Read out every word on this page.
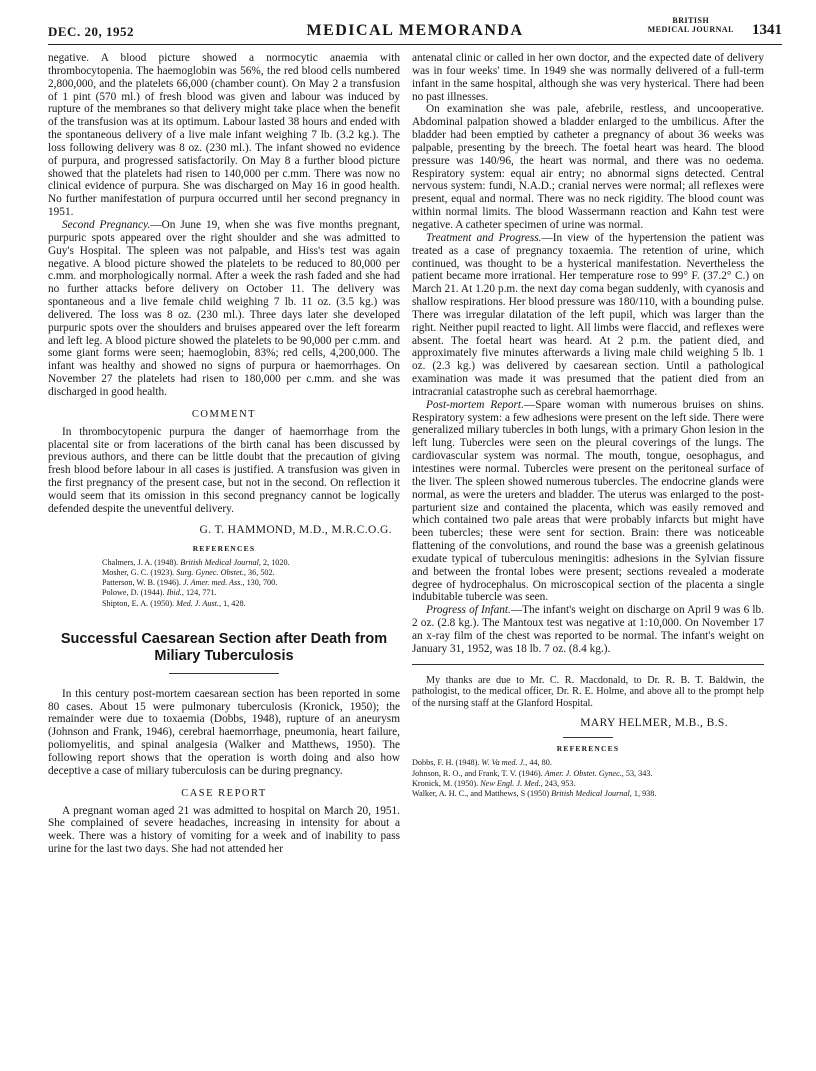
DEC. 20, 1952	MEDICAL MEMORANDA
BRITISH
MEDICAL JOURNAL 1341

negative. A blood picture showed a normocytic anaemia with thrombocytopenia. The haemoglobin was 56%, the red blood cells numbered 2,800,000, and the platelets 66,000 (chamber count). On May 2 a transfusion of 1 pint (570 ml.) of fresh blood was given and labour was induced by rupture of the membranes so that delivery might take place when the benefit of the transfusion was at its optimum. Labour lasted 38 hours and ended with the spontaneous delivery of a live male infant weighing 7 lb. (3.2 kg.). The loss following delivery was 8 oz. (230 ml.). The infant showed no evidence of purpura, and progressed satisfactorily. On May 8 a further blood picture showed that the platelets had risen to 140,000 per c.mm. There was now no clinical evidence of purpura. She was discharged on May 16 in good health. No further manifestation of purpura occurred until her second pregnancy in 1951.

Second Pregnancy.—On June 19, when she was five months pregnant, purpuric spots appeared over the right shoulder and she was admitted to Guy's Hospital. The spleen was not palpable, and Hiss's test was again negative. A blood picture showed the platelets to be reduced to 80,000 per c.mm. and morphologically normal. After a week the rash faded and she had no further attacks before delivery on October 11. The delivery was spontaneous and a live female child weighing 7 lb. 11 oz. (3.5 kg.) was delivered. The loss was 8 oz. (230 ml.). Three days later she developed purpuric spots over the shoulders and bruises appeared over the left forearm and left leg. A blood picture showed the platelets to be 90,000 per c.mm. and some giant forms were seen; haemoglobin, 83%; red cells, 4,200,000. The infant was healthy and showed no signs of purpura or haemorrhages. On November 27 the platelets had risen to 180,000 per c.mm. and she was discharged in good health.

COMMENT

In thrombocytopenic purpura the danger of haemorrhage from the placental site or from lacerations of the birth canal has been discussed by previous authors, and there can be little doubt that the precaution of giving fresh blood before labour in all cases is justified. A transfusion was given in the first pregnancy of the present case, but not in the second. On reflection it would seem that its omission in this second pregnancy cannot be logically defended despite the uneventful delivery.

G. T. HAMMOND, M.D., M.R.C.O.G.
REFERENCES
Chalmers, J. A. (1948). British Medical Journal, 2, 1020.
Mosher, G. C. (1923). Surg. Gynec. Obstet., 36, 502.
Patterson, W. B. (1946). J. Amer. med. Ass., 130, 700.
Polowe, D. (1944). Ibid., 124, 771.
Shipton, E. A. (1950). Med. J. Aust., 1, 428.
Successful Caesarean Section after Death from Miliary Tuberculosis

In this century post-mortem caesarean section has been reported in some 80 cases. About 15 were pulmonary tuberculosis (Kronick, 1950); the remainder were due to toxaemia (Dobbs, 1948), rupture of an aneurysm (Johnson and Frank, 1946), cerebral haemorrhage, pneumonia, heart failure, poliomyelitis, and spinal analgesia (Walker and Matthews, 1950). The following report shows that the operation is worth doing and also how deceptive a case of miliary tuberculosis can be during pregnancy.

CASE REPORT

A pregnant woman aged 21 was admitted to hospital on March 20, 1951. She complained of severe headaches, increasing in intensity for about a week. There was a history of vomiting for a week and of inability to pass urine for the last two days. She had not attended her

antenatal clinic or called in her own doctor, and the expected date of delivery was in four weeks' time. In 1949 she was normally delivered of a full-term infant in the same hospital, although she was very hysterical. There had been no past illnesses.

On examination she was pale, afebrile, restless, and uncooperative. Abdominal palpation showed a bladder enlarged to the umbilicus. After the bladder had been emptied by catheter a pregnancy of about 36 weeks was palpable, presenting by the breech. The foetal heart was heard. The blood pressure was 140/96, the heart was normal, and there was no oedema. Respiratory system: equal air entry; no abnormal signs detected. Central nervous system: fundi, N.A.D.; cranial nerves were normal; all reflexes were present, equal and normal. There was no neck rigidity. The blood count was within normal limits. The blood Wassermann reaction and Kahn test were negative. A catheter specimen of urine was normal.

Treatment and Progress.—In view of the hypertension the patient was treated as a case of pregnancy toxaemia. The retention of urine, which continued, was thought to be a hysterical manifestation. Nevertheless the patient became more irrational. Her temperature rose to 99° F. (37.2° C.) on March 21. At 1.20 p.m. the next day coma began suddenly, with cyanosis and shallow respirations. Her blood pressure was 180/110, with a bounding pulse. There was irregular dilatation of the left pupil, which was larger than the right. Neither pupil reacted to light. All limbs were flaccid, and reflexes were absent. The foetal heart was heard. At 2 p.m. the patient died, and approximately five minutes afterwards a living male child weighing 5 lb. 1 oz. (2.3 kg.) was delivered by caesarean section. Until a pathological examination was made it was presumed that the patient died from an intracranial catastrophe such as cerebral haemorrhage.

Post-mortem Report.—Spare woman with numerous bruises on shins. Respiratory system: a few adhesions were present on the left side. There were generalized miliary tubercles in both lungs, with a primary Ghon lesion in the left lung. Tubercles were seen on the pleural coverings of the lungs. The cardiovascular system was normal. The mouth, tongue, oesophagus, and intestines were normal. Tubercles were present on the peritoneal surface of the liver. The spleen showed numerous tubercles. The endocrine glands were normal, as were the ureters and bladder. The uterus was enlarged to the post-parturient size and contained the placenta, which was easily removed and which contained two pale areas that were probably infarcts but might have been tubercles; these were sent for section. Brain: there was noticeable flattening of the convolutions, and round the base was a greenish gelatinous exudate typical of tuberculous meningitis: adhesions in the Sylvian fissure and between the frontal lobes were present; sections revealed a moderate degree of hydrocephalus. On microscopical section of the placenta a single indubitable tubercle was seen.

Progress of Infant.—The infant's weight on discharge on April 9 was 6 lb. 2 oz. (2.8 kg.). The Mantoux test was negative at 1:10,000. On November 17 an x-ray film of the chest was reported to be normal. The infant's weight on January 31, 1952, was 18 lb. 7 oz. (8.4 kg.).

My thanks are due to Mr. C. R. Macdonald, to Dr. R. B. T. Baldwin, the pathologist, to the medical officer, Dr. R. E. Holme, and above all to the prompt help of the nursing staff at the Glanford Hospital.

MARY HELMER, M.B., B.S.
REFERENCES
Dobbs, F. H. (1948). W. Va med. J., 44, 80.
Johnson, R. O., and Frank, T. V. (1946). Amer. J. Obstet. Gynec., 53, 343.
Kronick, M. (1950). New Engl. J. Med., 243, 953.
Walker, A. H. C., and Matthews, S (1950) British Medical Journal, 1, 938.
